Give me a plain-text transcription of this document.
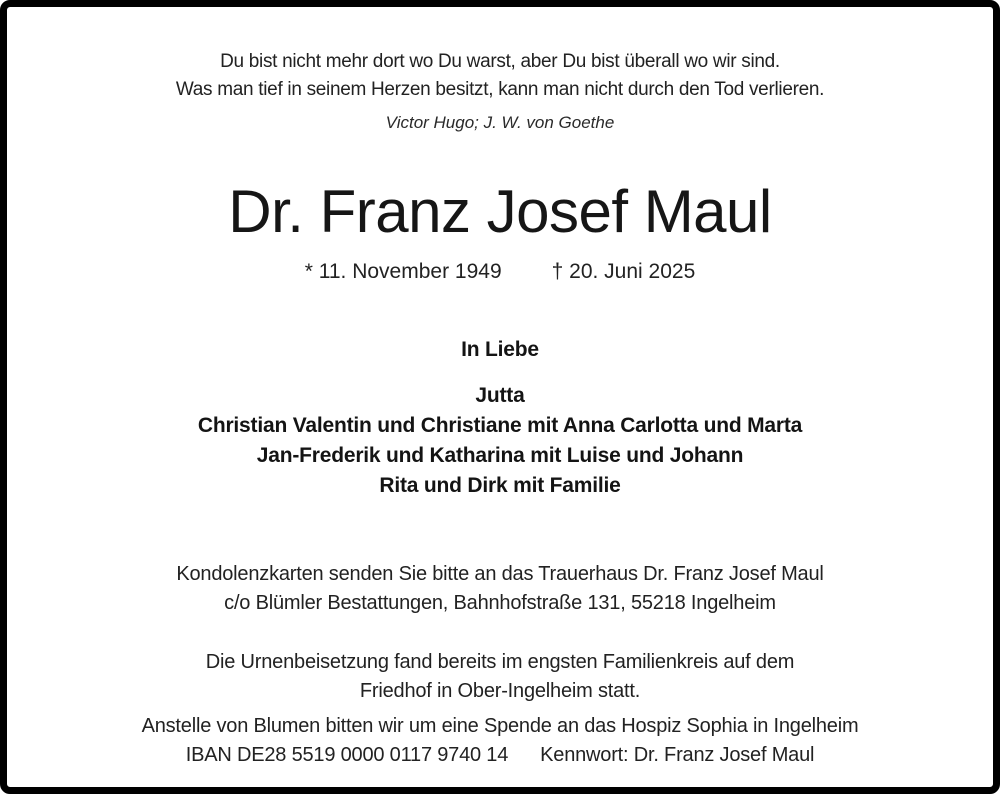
Du bist nicht mehr dort wo Du warst, aber Du bist überall wo wir sind.
Was man tief in seinem Herzen besitzt, kann man nicht durch den Tod verlieren.
Victor Hugo; J. W. von Goethe
Dr. Franz Josef Maul
* 11. November 1949 † 20. Juni 2025
In Liebe
Jutta
Christian Valentin und Christiane mit Anna Carlotta und Marta
Jan-Frederik und Katharina mit Luise und Johann
Rita und Dirk mit Familie
Kondolenzkarten senden Sie bitte an das Trauerhaus Dr. Franz Josef Maul
c/o Blümler Bestattungen, Bahnhofstraße 131, 55218 Ingelheim
Die Urnenbeisetzung fand bereits im engsten Familienkreis auf dem
Friedhof in Ober-Ingelheim statt.
Anstelle von Blumen bitten wir um eine Spende an das Hospiz Sophia in Ingelheim
IBAN DE28 5519 0000 0117 9740 14 Kennwort: Dr. Franz Josef Maul
